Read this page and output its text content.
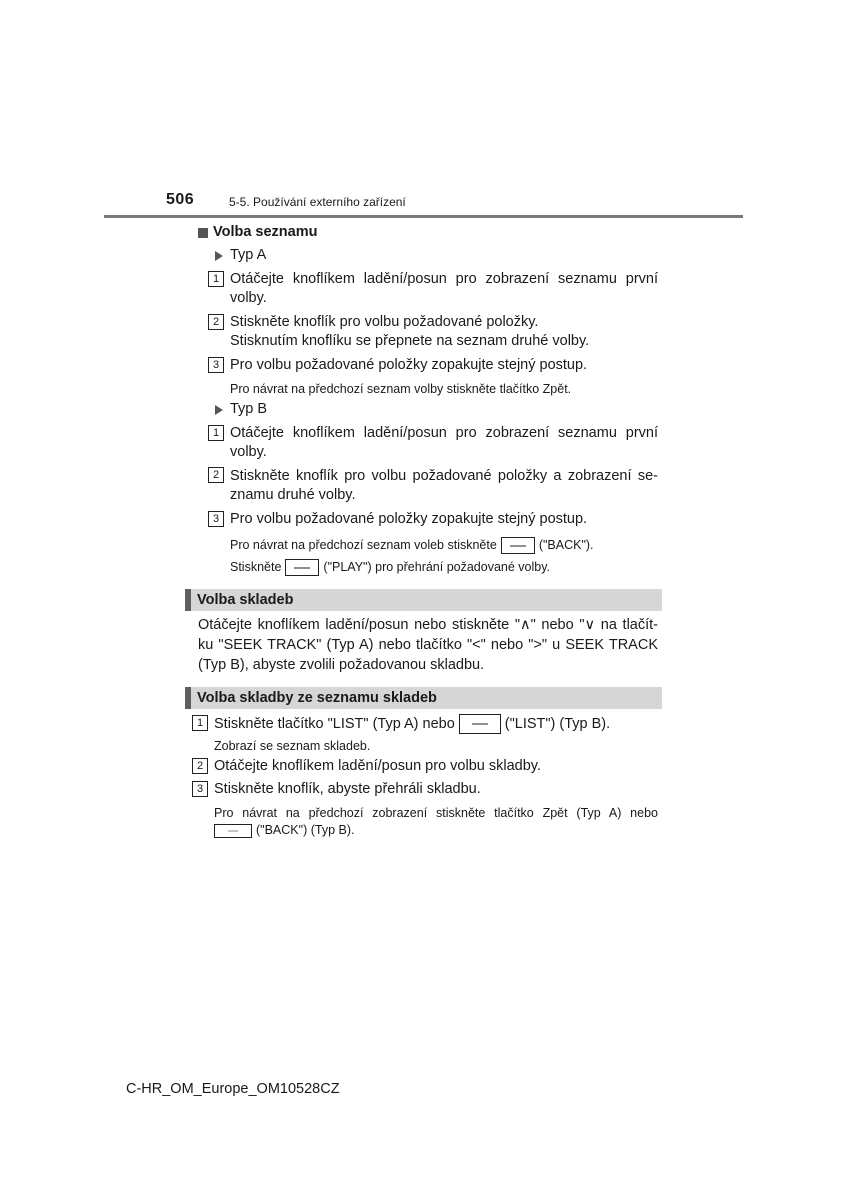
506	5-5. Používání externího zařízení
Volba seznamu
Typ A
1 Otáčejte knoflíkem ladění/posun pro zobrazení seznamu první
volby.
2 Stiskněte knoflík pro volbu požadované položky.
Stisknutím knoflíku se přepnete na seznam druhé volby.
3 Pro volbu požadované položky zopakujte stejný postup.
Pro návrat na předchozí seznam volby stiskněte tlačítko Zpět.
Typ B
1 Otáčejte knoflíkem ladění/posun pro zobrazení seznamu první
volby.
2 Stiskněte knoflík pro volbu požadované položky a zobrazení se-
znamu druhé volby.
3 Pro volbu požadované položky zopakujte stejný postup.
Pro návrat na předchozí seznam voleb stiskněte	("BACK").
Stiskněte	("PLAY") pro přehrání požadované volby.
Volba skladeb
Otáčejte knoflíkem ladění/posun nebo stiskněte "∧" nebo "∨ na tlačít-
ku "SEEK TRACK" (Typ A) nebo tlačítko "<" nebo ">" u SEEK TRACK
(Typ B), abyste zvolili požadovanou skladbu.
Volba skladby ze seznamu skladeb
1 Stiskněte tlačítko "LIST" (Typ A) nebo	("LIST") (Typ B).
Zobrazí se seznam skladeb.
2 Otáčejte knoflíkem ladění/posun pro volbu skladby.
3 Stiskněte knoflík, abyste přehráli skladbu.
Pro návrat na předchozí zobrazení stiskněte tlačítko Zpět (Typ A) nebo
("BACK") (Typ B).
C-HR_OM_Europe_OM10528CZ
